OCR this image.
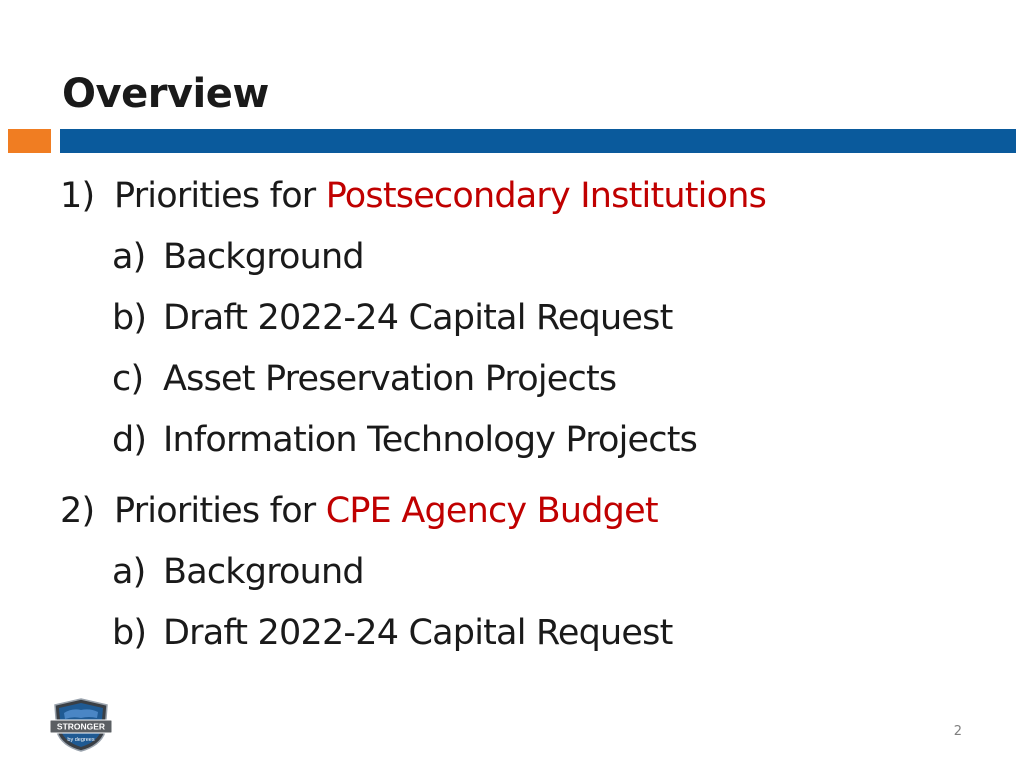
Overview
1) Priorities for Postsecondary Institutions
a) Background
b) Draft 2022-24 Capital Request
c) Asset Preservation Projects
d) Information Technology Projects
2) Priorities for CPE Agency Budget
a) Background
b) Draft 2022-24 Capital Request
STRONGER
by degrees
2
